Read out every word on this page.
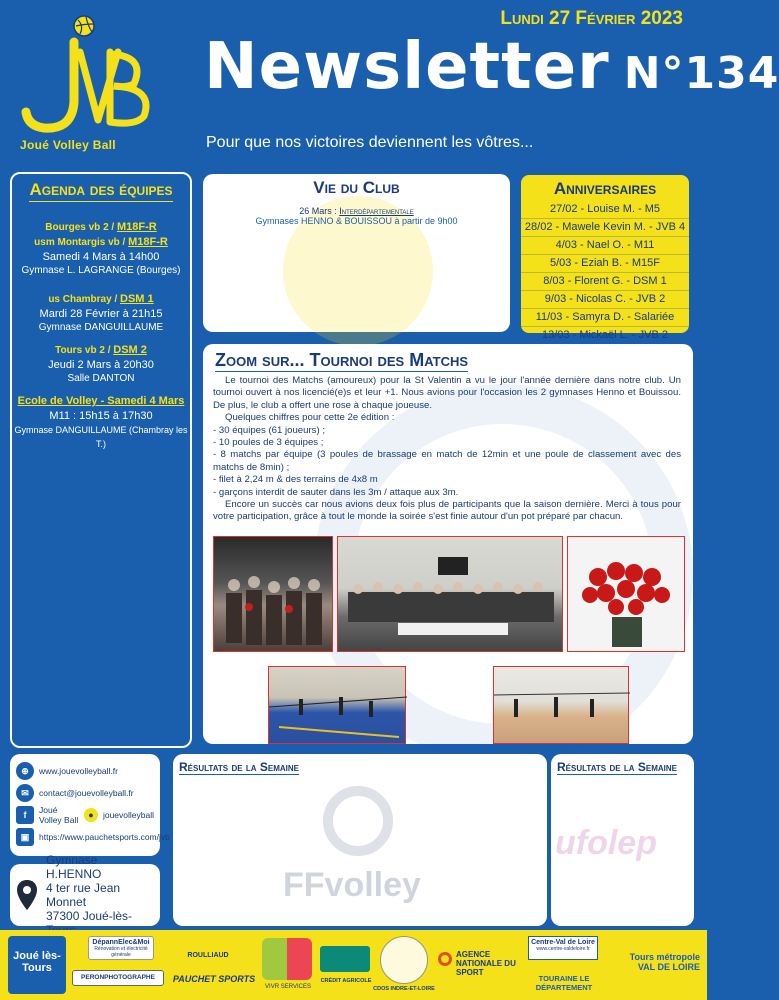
Joué Volley Ball
Lundi 27 Février 2023
Newsletter N°134
Pour que nos victoires deviennent les vôtres...
Agenda des équipes
Bourges vb 2 / M18F-R
usm Montargis vb / M18F-R
Samedi 4 Mars à 14h00
Gymnase L. LAGRANGE (Bourges)
us Chambray / DSM 1
Mardi 28 Février à 21h15
Gymnase DANGUILLAUME
Tours vb 2 / DSM 2
Jeudi 2 Mars à 20h30
Salle DANTON
Ecole de Volley - Samedi 4 Mars
M11 : 15h15 à 17h30
Gymnase DANGUILLAUME (Chambray les T.)
Vie du Club
26 Mars : Interdépartementale
Gymnases HENNO & BOUISSOU à partir de 9h00
Anniversaires
27/02 - Louise M. - M5
28/02 - Mawele Kevin M. - JVB 4
4/03 - Nael O. - M11
5/03 - Eziah B. - M15F
8/03 - Florent G. - DSM 1
9/03 - Nicolas C. - JVB 2
11/03 - Samyra D. - Salariée
13/03 - Mickaël L. - JVB 2
Zoom sur... Tournoi des Matchs

Le tournoi des Matchs (amoureux) pour la St Valentin a vu le jour l'année dernière dans notre club. Un tournoi ouvert à nos licencié(e)s et leur +1. Nous avions pour l'occasion les 2 gymnases Henno et Bouissou. De plus, le club a offert une rose à chaque joueuse.

Quelques chiffres pour cette 2e édition :

- 30 équipes (61 joueurs) ;

- 10 poules de 3 équipes ;

- 8 matchs par équipe (3 poules de brassage en match de 12min et une poule de classement avec des matchs de 8min) ;

- filet à 2,24 m & des terrains de 4x8 m

- garçons interdit de sauter dans les 3m / attaque aux 3m.

Encore un succès car nous avions deux fois plus de participants que la saison dernière. Merci à tous pour votre participation, grâce à tout le monde la soirée s'est finie autour d'un pot préparé par chacun.

⊕	www.jouevolleyball.fr
✉	contact@jouevolleyball.fr
f	Joué Volley Ball	●	jouevolleyball
▣	https://www.pauchetsports.com/jvb
Gymnase H.HENNO
4 ter rue Jean Monnet
37300 Joué-lès-
Résultats de la Semaine
FFvolley
Résultats de la Semaine
ufolep
Joué lès-Tours
DépannElec&Moi
Rénovation et électricité générale
PERONPHOTOGRAPHE
ROULLIAUD
PAUCHET SPORTS
VIVR SERVICES
CRÉDIT AGRICOLE
CDOS INDRE-ET-LOIRE
AGENCE NATIONALE DU SPORT
Centre-Val de Loire
www.centre-valdeloire.fr
TOURAINE LE DÉPARTEMENT
Tours métropole VAL DE LOIRE
